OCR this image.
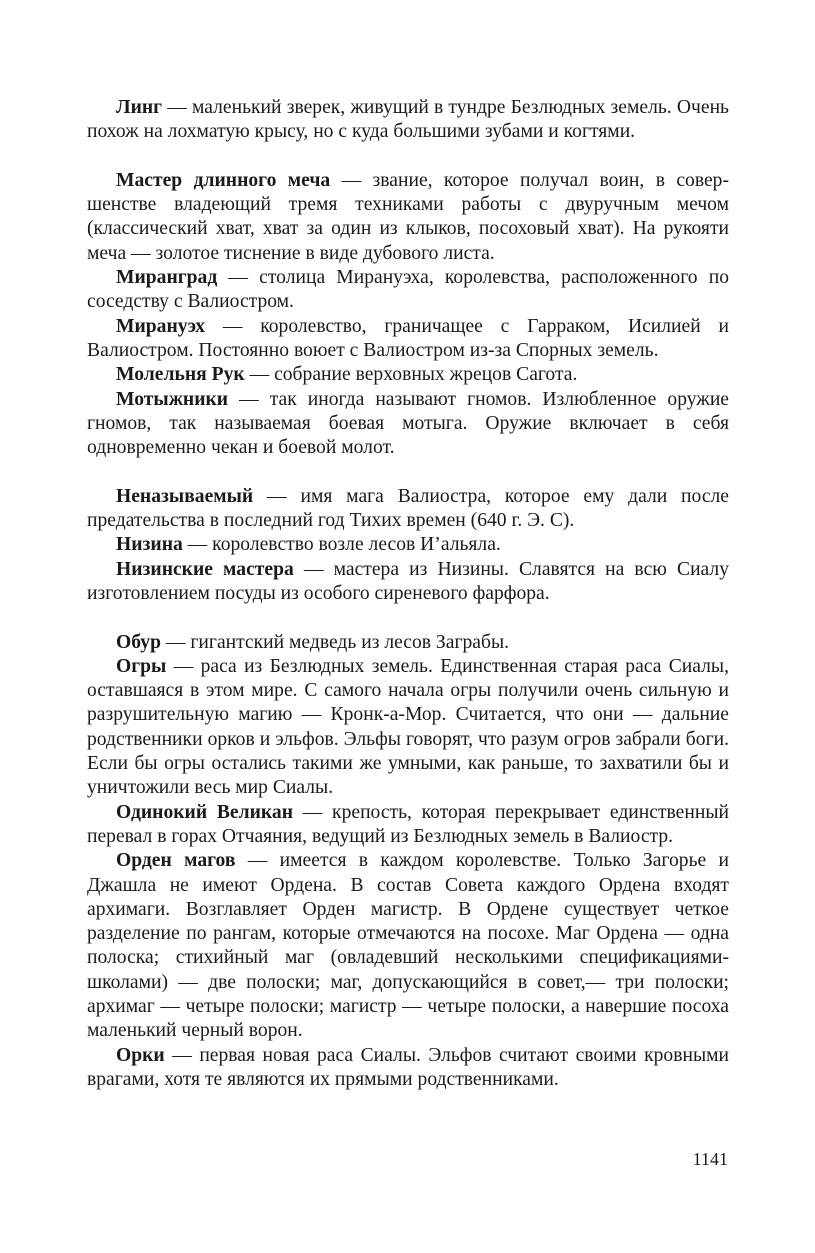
Линг — маленький зверек, живущий в тундре Безлюдных земель. Очень похож на лохматую крысу, но с куда большими зубами и когтями.

Мастер длинного меча — звание, которое получал воин, в совершенстве владеющий тремя техниками работы с двуручным мечом (классический хват, хват за один из клыков, посоховый хват). На рукояти меча — золотое тиснение в виде дубового листа.

Миранград — столица Мирануэха, королевства, расположенного по соседству с Валиостром.

Мирануэх — королевство, граничащее с Гарраком, Исилией и Валиостром. Постоянно воюет с Валиостром из-за Спорных земель.

Молельня Рук — собрание верховных жрецов Сагота.

Мотыжники — так иногда называют гномов. Излюбленное оружие гномов, так называемая боевая мотыга. Оружие включает в себя одновременно чекан и боевой молот.

Неназываемый — имя мага Валиостра, которое ему дали после предательства в последний год Тихих времен (640 г. Э. С).

Низина — королевство возле лесов И’альяла.

Низинские мастера — мастера из Низины. Славятся на всю Сиалу изготовлением посуды из особого сиреневого фарфора.

Обур — гигантский медведь из лесов Заграбы.

Огры — раса из Безлюдных земель. Единственная старая раса Сиалы, оставшаяся в этом мире. С самого начала огры получили очень сильную и разрушительную магию — Кронк-а-Мор. Считается, что они — дальние родственники орков и эльфов. Эльфы говорят, что разум огров забрали боги. Если бы огры остались такими же умными, как раньше, то захватили бы и уничтожили весь мир Сиалы.

Одинокий Великан — крепость, которая перекрывает единственный перевал в горах Отчаяния, ведущий из Безлюдных земель в Валиостр.

Орден магов — имеется в каждом королевстве. Только Загорье и Джашла не имеют Ордена. В состав Совета каждого Ордена входят архимаги. Возглавляет Орден магистр. В Ордене существует четкое разделение по рангам, которые отмечаются на посохе. Маг Ордена — одна полоска; стихийный маг (овладевший несколькими спецификациями-школами) — две полоски; маг, допускающийся в совет,— три полоски; архимаг — четыре полоски; магистр — четыре полоски, а навершие посоха маленький черный ворон.

Орки — первая новая раса Сиалы. Эльфов считают своими кровными врагами, хотя те являются их прямыми родственниками.

1141
